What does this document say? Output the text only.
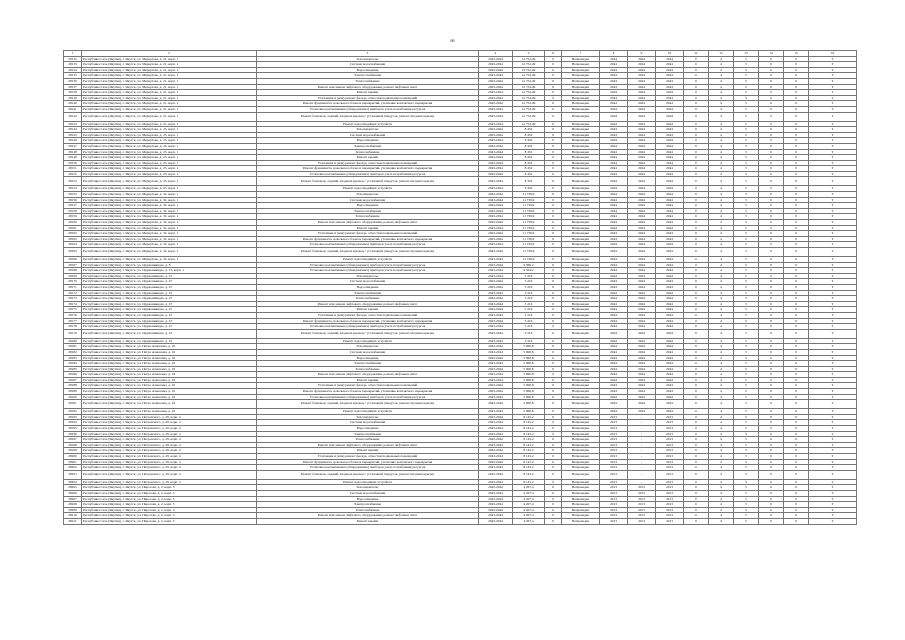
66
1	2	3	4	5	6	7	8	9	10	11	12	13	14	15	16
28132	Республика Саха (Якутия), г. Якутск, ул. Меркулова, д. 21, корп. 1	Техосвидетельс	2043-2044	12 752,49	0	Непроведен	2044	2044	2044	0	4	5	0	0	Т
28133	Республика Саха (Якутия), г. Якутск, ул. Меркулова, д. 21, корп. 1	Система водоснабжения	2043-2044	12 752,49	0	Непроведен	2044	2044	2044	0	4	5	0	0	Т
28134	Республика Саха (Якутия), г. Якутск, ул. Меркулова, д. 21, корп. 1	Водоотведение	2043-2044	12 752,49	0	Непроведен	2044	2044	2044	0	4	5	0	0	Т
28135	Республика Саха (Якутия), г. Якутск, ул. Меркулова, д. 21, корп. 1	Электроснабжение	2043-2044	12 752,49	0	Непроведен	2044	2044	2044	0	4	5	0	0	Т
28136	Республика Саха (Якутия), г. Якутск, ул. Меркулова, д. 21, корп. 1	Теплоснабжение	2043-2044	12 752,49	0	Непроведен	2044	2044	2044	0	4	5	0	0	Т
28137	Республика Саха (Якутия), г. Якутск, ул. Меркулова, д. 21, корп. 1	Ремонт или замена лифтового оборудования, ремонт лифтовых шахт	2043-2044	12 752,49	0	Непроведен	2044	2044	2044	0	4	5	0	0	Т
28138	Республика Саха (Якутия), г. Якутск, ул. Меркулова, д. 21, корп. 1	Ремонт крыши	2043-2044	12 752,49	0	Непроведен	2044	2044	2044	0	4	5	0	0	Т
28139	Республика Саха (Якутия), г. Якутск, ул. Меркулова, д. 21, корп. 1	Утепление и (или) ремонт фасада, отмостки подвальных помещений	2043-2044	12 752,49	0	Непроведен	2044	2044	2044	0	4	5	0	0	Т
28140	Республика Саха (Якутия), г. Якутск, ул. Меркулова, д. 21, корп. 1	Ремонт фундамента, цокольного блока и перекрытий, утепление контактного перекрытия	2043-2044	12 752,49	0	Непроведен	2044	2044	2044	0	4	5	0	0	Т
28141	Республика Саха (Якутия), г. Якутск, ул. Меркулова, д. 21, корп. 1	Установка коллективных (общедомовых) приборов учета потребления ресурсов	2043-2044	12 752,49	0	Непроведен	2044	2044	2044	0	4	5	0	0	Т
28142	Республика Саха (Якутия), г. Якутск, ул. Меркулова, д. 21, корп. 1	Ремонт балконов, лоджий, входных крылец с установкой пандусов, ремонт входных крылец	2043-2044	12 752,49	0	Непроведен	2044	2044	2044	0	4	5	0	0	Т
28143	Республика Саха (Якутия), г. Якутск, ул. Меркулова, д. 21, корп. 1	Ремонт водоотводящих устройств	2043-2044	12 752,49	0	Непроведен	2044	2044	2044	0	4	5	0	0	Т
28144	Республика Саха (Якутия), г. Якутск, ул. Меркулова, д. 23, корп. 1	Техосвидетельс	2043-2044	8 452	0	Непроведен	2044	2044	2044	0	4	5	0	0	Т
28145	Республика Саха (Якутия), г. Якутск, ул. Меркулова, д. 23, корп. 1	Система водоснабжения	2043-2044	8 452	0	Непроведен	2044	2044	2044	0	4	5	0	0	Т
28146	Республика Саха (Якутия), г. Якутск, ул. Меркулова, д. 23, корп. 1	Водоотведение	2043-2044	8 452	0	Непроведен	2044	2044	2044	0	4	5	0	0	Т
28147	Республика Саха (Якутия), г. Якутск, ул. Меркулова, д. 23, корп. 1	Электроснабжение	2043-2044	8 452	0	Непроведен	2044	2044	2044	0	4	5	0	0	Т
28148	Республика Саха (Якутия), г. Якутск, ул. Меркулова, д. 23, корп. 1	Теплоснабжение	2043-2044	8 452	0	Непроведен	2044	2044	2044	0	4	5	0	0	Т
28149	Республика Саха (Якутия), г. Якутск, ул. Меркулова, д. 23, корп. 1	Ремонт крыши	2043-2044	8 452	0	Непроведен	2044	2044	2044	0	4	5	0	0	Т
28150	Республика Саха (Якутия), г. Якутск, ул. Меркулова, д. 23, корп. 1	Утепление и (или) ремонт фасада, отмостки подвальных помещений	2043-2044	8 452	0	Непроведен	2044	2044	2044	0	4	5	0	0	Т
28151	Республика Саха (Якутия), г. Якутск, ул. Меркулова, д. 23, корп. 1	Ремонт фундамента, цокольного блока и перекрытий, утепление контактного перекрытия	2043-2044	8 452	0	Непроведен	2044	2044	2044	0	4	5	0	0	Т
28152	Республика Саха (Якутия), г. Якутск, ул. Меркулова, д. 23, корп. 1	Установка коллективных (общедомовых) приборов учета потребления ресурсов	2043-2044	8 452	0	Непроведен	2044	2044	2044	0	4	5	0	0	Т
28153	Республика Саха (Якутия), г. Якутск, ул. Меркулова, д. 23, корп. 1	Ремонт балконов, лоджий, входных крылец с установкой пандусов, ремонт входных крылец	2043-2044	8 452	0	Непроведен	2044	2044	2044	0	4	5	0	0	Т
28154	Республика Саха (Якутия), г. Якутск, ул. Меркулова, д. 23, корп. 1	Ремонт водоотводящих устройств	2043-2044	8 452	0	Непроведен	2044	2044	2044	0	4	5	0	0	Т
28155	Республика Саха (Якутия), г. Якутск, ул. Меркулова, д. 32, корп. 1	Техосвидетельс	2043-2044	11 736,9	0	Непроведен	2044	2044	2044	0	4	5	0	0	Т
28156	Республика Саха (Якутия), г. Якутск, ул. Меркулова, д. 32, корп. 1	Система водоснабжения	2043-2044	11 736,9	0	Непроведен	2044	2044	2044	0	4	5	0	0	Т
28157	Республика Саха (Якутия), г. Якутск, ул. Меркулова, д. 32, корп. 1	Водоотведение	2043-2044	11 736,9	0	Непроведен	2044	2044	2044	0	4	5	0	0	Т
28158	Республика Саха (Якутия), г. Якутск, ул. Меркулова, д. 32, корп. 1	Электроснабжение	2043-2044	11 736,9	0	Непроведен	2044	2044	2044	0	4	5	0	0	Т
28159	Республика Саха (Якутия), г. Якутск, ул. Меркулова, д. 32, корп. 1	Теплоснабжение	2043-2044	11 736,9	0	Непроведен	2044	2044	2044	0	4	5	0	0	Т
28160	Республика Саха (Якутия), г. Якутск, ул. Меркулова, д. 32, корп. 1	Ремонт или замена лифтового оборудования, ремонт лифтовых шахт	2043-2044	11 736,9	0	Непроведен	2044	2044	2044	0	4	5	0	0	Т
28161	Республика Саха (Якутия), г. Якутск, ул. Меркулова, д. 32, корп. 1	Ремонт крыши	2043-2044	11 736,9	0	Непроведен	2044	2044	2044	0	4	5	0	0	Т
28162	Республика Саха (Якутия), г. Якутск, ул. Меркулова, д. 32, корп. 1	Утепление и (или) ремонт фасада, отмостки подвальных помещений	2043-2044	11 736,9	0	Непроведен	2044	2044	2044	0	4	5	0	0	Т
28163	Республика Саха (Якутия), г. Якутск, ул. Меркулова, д. 32, корп. 1	Ремонт фундамента, цокольного блока и перекрытий, утепление контактного перекрытия	2043-2044	11 736,9	0	Непроведен	2044	2044	2044	0	4	5	0	0	Т
28164	Республика Саха (Якутия), г. Якутск, ул. Меркулова, д. 32, корп. 1	Установка коллективных (общедомовых) приборов учета потребления ресурсов	2043-2044	11 736,9	0	Непроведен	2044	2044	2044	0	4	5	0	0	Т
28165	Республика Саха (Якутия), г. Якутск, ул. Меркулова, д. 32, корп. 1	Ремонт балконов, лоджий, входных крылец с установкой пандусов, ремонт входных крылец	2043-2044	11 736,9	0	Непроведен	2044	2044	2044	0	4	5	0	0	Т
28166	Республика Саха (Якутия), г. Якутск, ул. Меркулова, д. 32, корп. 1	Ремонт водоотводящих устройств	2043-2044	11 736,9	0	Непроведен	2044	2044	2044	0	4	5	0	0	Т
28167	Республика Саха (Якутия), г. Якутск, ул. Орджоникидзе, д. 8	Установка коллективных (общедомовых) приборов учета потребления ресурсов	2043-2044	9 960,2	0	Непроведен	2044	2044	2044	0	4	5	0	0	Т
28168	Республика Саха (Якутия), г. Якутск, ул. Орджоникидзе, д. 13, корп. 1	Установка коллективных (общедомовых) приборов учета потребления ресурсов	2043-2044	9 504,2	0	Непроведен	2044	2044	2044	0	4	5	0	0	Т
28169	Республика Саха (Якутия), г. Якутск, ул. Орджоникидзе, д. 47	Техосвидетельс	2043-2044	5 216	0	Непроведен	2044	2044	2044	0	4	5	0	0	Т
28170	Республика Саха (Якутия), г. Якутск, ул. Орджоникидзе, д. 47	Система водоснабжения	2043-2044	5 216	0	Непроведен	2044	2044	2044	0	4	5	0	0	Т
28171	Республика Саха (Якутия), г. Якутск, ул. Орджоникидзе, д. 47	Водоотведение	2043-2044	5 216	0	Непроведен	2044	2044	2044	0	4	5	0	0	Т
28172	Республика Саха (Якутия), г. Якутск, ул. Орджоникидзе, д. 47	Электроснабжение	2043-2044	5 216	0	Непроведен	2044	2044	2044	0	4	5	0	0	Т
28173	Республика Саха (Якутия), г. Якутск, ул. Орджоникидзе, д. 47	Теплоснабжение	2043-2044	5 216	0	Непроведен	2044	2044	2044	0	4	5	0	0	Т
28174	Республика Саха (Якутия), г. Якутск, ул. Орджоникидзе, д. 47	Ремонт или замена лифтового оборудования, ремонт лифтовых шахт	2043-2044	5 216	0	Непроведен	2044	2044	2044	0	4	5	0	0	Т
28175	Республика Саха (Якутия), г. Якутск, ул. Орджоникидзе, д. 47	Ремонт крыши	2043-2044	5 216	0	Непроведен	2044	2044	2044	0	4	5	0	0	Т
28176	Республика Саха (Якутия), г. Якутск, ул. Орджоникидзе, д. 47	Утепление и (или) ремонт фасада, отмостки подвальных помещений	2043-2044	5 216	0	Непроведен	2044	2044	2044	0	4	5	0	0	Т
28177	Республика Саха (Якутия), г. Якутск, ул. Орджоникидзе, д. 47	Ремонт фундамента, цокольного блока и перекрытий, утепление контактного перекрытия	2043-2044	5 216	0	Непроведен	2044	2044	2044	0	4	5	0	0	Т
28178	Республика Саха (Якутия), г. Якутск, ул. Орджоникидзе, д. 47	Установка коллективных (общедомовых) приборов учета потребления ресурсов	2043-2044	5 216	0	Непроведен	2044	2044	2044	0	4	5	0	0	Т
28179	Республика Саха (Якутия), г. Якутск, ул. Орджоникидзе, д. 47	Ремонт балконов, лоджий, входных крылец с установкой пандусов, ремонт входных крылец	2043-2044	5 216	0	Непроведен	2044	2044	2044	0	4	5	0	0	Т
28180	Республика Саха (Якутия), г. Якутск, ул. Орджоникидзе, д. 47	Ремонт водоотводящих устройств	2043-2044	5 216	0	Непроведен	2044	2044	2044	0	4	5	0	0	Т
28181	Республика Саха (Якутия), г. Якутск, ул. Петра Алексеева, д. 16	Техосвидетельс	2043-2044	5 900,8	0	Непроведен	2044	2044	2044	0	4	5	0	0	Т
28182	Республика Саха (Якутия), г. Якутск, ул. Петра Алексеева, д. 16	Система водоснабжения	2043-2044	5 900,8	0	Непроведен	2044	2044	2044	0	4	5	0	0	Т
28183	Республика Саха (Якутия), г. Якутск, ул. Петра Алексеева, д. 16	Водоотведение	2043-2044	5 900,8	0	Непроведен	2044	2044	2044	0	4	5	0	0	Т
28184	Республика Саха (Якутия), г. Якутск, ул. Петра Алексеева, д. 16	Электроснабжение	2043-2044	5 900,8	0	Непроведен	2044	2044	2044	0	4	5	0	0	Т
28185	Республика Саха (Якутия), г. Якутск, ул. Петра Алексеева, д. 16	Теплоснабжение	2043-2044	5 900,8	0	Непроведен	2044	2044	2044	0	4	5	0	0	Т
28186	Республика Саха (Якутия), г. Якутск, ул. Петра Алексеева, д. 16	Ремонт или замена лифтового оборудования, ремонт лифтовых шахт	2043-2044	5 900,8	0	Непроведен	2044	2044	2044	0	4	5	0	0	Т
28187	Республика Саха (Якутия), г. Якутск, ул. Петра Алексеева, д. 16	Ремонт крыши	2043-2044	5 900,8	0	Непроведен	2044	2044	2044	0	4	5	0	0	Т
28188	Республика Саха (Якутия), г. Якутск, ул. Петра Алексеева, д. 16	Утепление и (или) ремонт фасада, отмостки подвальных помещений	2043-2044	5 900,8	0	Непроведен	2044	2044	2044	0	4	5	0	0	Т
28189	Республика Саха (Якутия), г. Якутск, ул. Петра Алексеева, д. 16	Ремонт фундамента, цокольного блока и перекрытий, утепление контактного перекрытия	2043-2044	5 900,8	0	Непроведен	2044	2044	2044	0	4	5	0	0	Т
28190	Республика Саха (Якутия), г. Якутск, ул. Петра Алексеева, д. 16	Установка коллективных (общедомовых) приборов учета потребления ресурсов	2043-2044	5 900,8	0	Непроведен	2044	2044	2044	0	4	5	0	0	Т
28191	Республика Саха (Якутия), г. Якутск, ул. Петра Алексеева, д. 16	Ремонт балконов, лоджий, входных крылец с установкой пандусов, ремонт входных крылец	2043-2044	5 900,8	0	Непроведен	2044	2044	2044	0	4	5	0	0	Т
28192	Республика Саха (Якутия), г. Якутск, ул. Петра Алексеева, д. 16	Ремонт водоотводящих устройств	2043-2044	5 900,8	0	Непроведен	2044	2044	2044	0	4	5	0	0	Т
28193	Республика Саха (Якутия), г. Якутск, ул. Петровского, д. 29, корп. 4	Техосвидетельс	2043-2044	8 145,2	0	Непроведен	2013	-	2013	0	4	5	0	0	Т
28194	Республика Саха (Якутия), г. Якутск, ул. Петровского, д. 29, корп. 4	Система водоснабжения	2043-2044	8 145,2	0	Непроведен	2013	-	2013	0	4	5	0	0	Т
28195	Республика Саха (Якутия), г. Якутск, ул. Петровского, д. 29, корп. 4	Водоотведение	2043-2044	8 145,2	0	Непроведен	2013	-	2013	0	4	5	0	0	Т
28196	Республика Саха (Якутия), г. Якутск, ул. Петровского, д. 29, корп. 4	Электроснабжение	2043-2044	8 145,2	0	Непроведен	2013	-	2013	0	4	5	0	0	Т
28197	Республика Саха (Якутия), г. Якутск, ул. Петровского, д. 29, корп. 4	Теплоснабжение	2043-2044	8 145,2	0	Непроведен	2013	-	2013	0	4	5	0	0	Т
28198	Республика Саха (Якутия), г. Якутск, ул. Петровского, д. 29, корп. 4	Ремонт или замена лифтового оборудования, ремонт лифтовых шахт	2043-2044	8 145,2	0	Непроведен	2013	-	2013	0	4	5	0	0	Т
28199	Республика Саха (Якутия), г. Якутск, ул. Петровского, д. 29, корп. 4	Ремонт крыши	2043-2044	8 145,2	0	Непроведен	2013	-	2013	0	4	5	0	0	Т
28200	Республика Саха (Якутия), г. Якутск, ул. Петровского, д. 29, корп. 4	Утепление и (или) ремонт фасада, отмостки подвальных помещений	2043-2044	8 145,2	0	Непроведен	2013	-	2013	0	4	5	0	0	Т
28201	Республика Саха (Якутия), г. Якутск, ул. Петровского, д. 29, корп. 4	Ремонт фундамента, цокольного блока и перекрытий, утепление контактного перекрытия	2043-2044	8 145,2	0	Непроведен	2013	-	2013	0	4	5	0	0	Т
28202	Республика Саха (Якутия), г. Якутск, ул. Петровского, д. 29, корп. 4	Установка коллективных (общедомовых) приборов учета потребления ресурсов	2043-2044	8 145,2	0	Непроведен	2013	-	2013	0	4	5	0	0	Т
28203	Республика Саха (Якутия), г. Якутск, ул. Петровского, д. 29, корп. 4	Ремонт балконов, лоджий, входных крылец с установкой пандусов, ремонт входных крылец	2043-2044	8 145,2	0	Непроведен	2013	-	2013	0	4	5	0	0	Т
28204	Республика Саха (Якутия), г. Якутск, ул. Петровского, д. 29, корп. 4	Ремонт водоотводящих устройств	2043-2044	8 145,2	0	Непроведен	2013	-	2013	0	4	5	0	0	Т
28205	Республика Саха (Якутия), г. Якутск, ул. Пирогова, д. 2, корп. 3	Техосвидетельс	2043-2044	4 207,4	0	Непроведен	2013	2013	2013	0	4	5	0	0	Т
28206	Республика Саха (Якутия), г. Якутск, ул. Пирогова, д. 2, корп. 3	Система водоснабжения	2043-2044	4 207,4	0	Непроведен	2013	2013	2013	0	4	5	0	0	Т
28207	Республика Саха (Якутия), г. Якутск, ул. Пирогова, д. 2, корп. 3	Водоотведение	2043-2044	4 207,4	0	Непроведен	2013	2013	2013	0	4	5	0	0	Т
28208	Республика Саха (Якутия), г. Якутск, ул. Пирогова, д. 2, корп. 3	Электроснабжение	2043-2044	4 207,4	0	Непроведен	2013	2013	2013	0	4	5	0	0	Т
28209	Республика Саха (Якутия), г. Якутск, ул. Пирогова, д. 2, корп. 3	Теплоснабжение	2043-2044	4 207,4	0	Непроведен	2013	2013	2013	0	4	5	0	0	Т
28210	Республика Саха (Якутия), г. Якутск, ул. Пирогова, д. 2, корп. 3	Ремонт или замена лифтового оборудования, ремонт лифтовых шахт	2043-2044	4 207,4	0	Непроведен	2013	2013	2013	0	4	5	0	0	Т
28211	Республика Саха (Якутия), г. Якутск, ул. Пирогова, д. 2, корп. 3	Ремонт крыши	2043-2044	4 207,4	0	Непроведен	2013	2013	2013	0	4	5	0	0	Т
